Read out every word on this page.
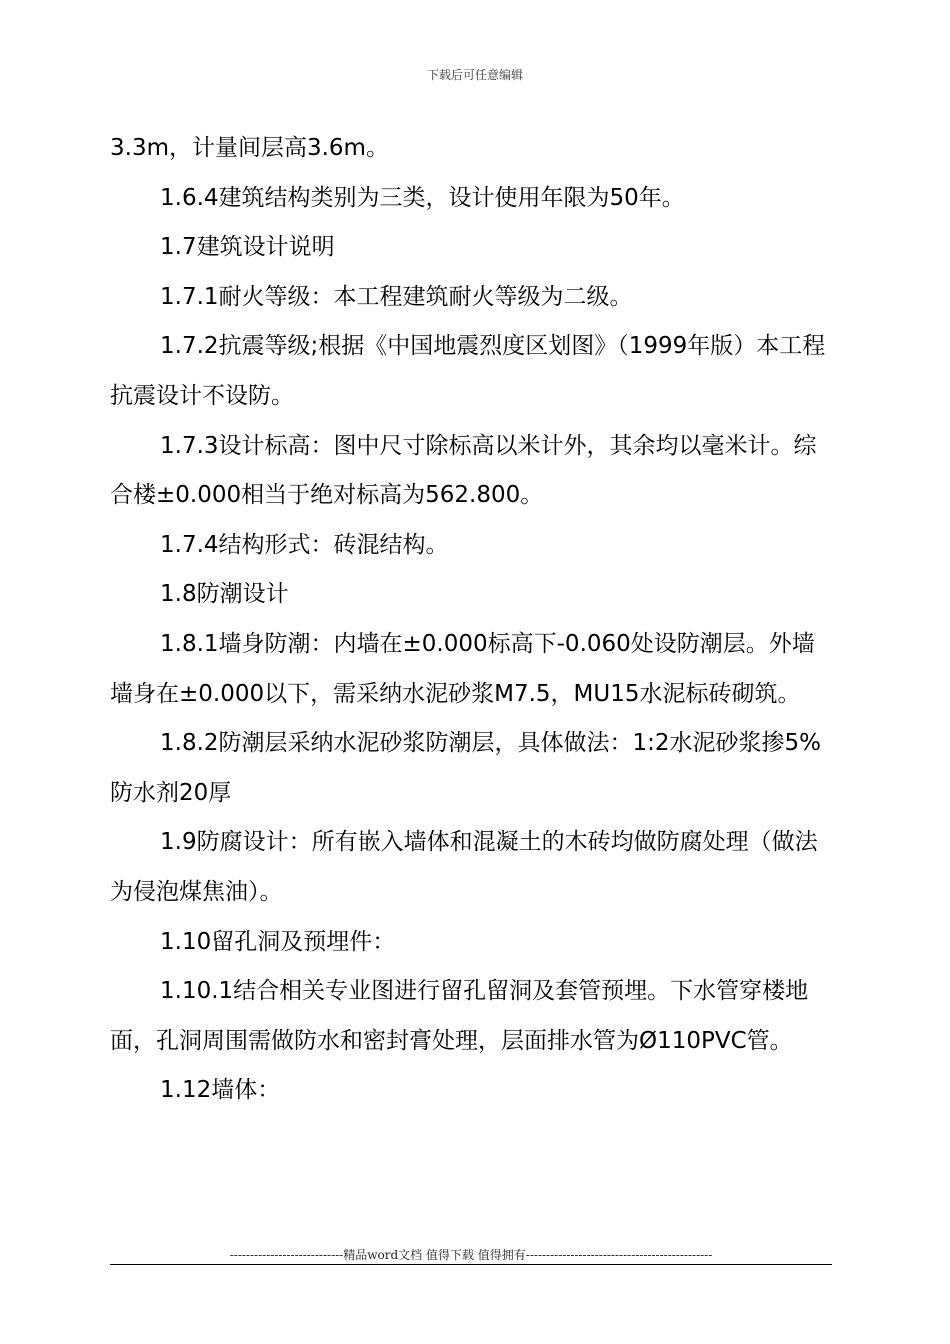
下载后可任意编辑

3.3m，计量间层高3.6m。

1.6.4建筑结构类别为三类，设计使用年限为50年。

1.7建筑设计说明

1.7.1耐火等级：本工程建筑耐火等级为二级。

1.7.2抗震等级;根据《中国地震烈度区划图》（1999年版）本工程抗震设计不设防。

1.7.3设计标高：图中尺寸除标高以米计外，其余均以毫米计。综合楼±0.000相当于绝对标高为562.800。

1.7.4结构形式：砖混结构。

1.8防潮设计

1.8.1墙身防潮：内墙在±0.000标高下-0.060处设防潮层。外墙墙身在±0.000以下，需采纳水泥砂浆M7.5，MU15水泥标砖砌筑。

1.8.2防潮层采纳水泥砂浆防潮层，具体做法：1:2水泥砂浆掺5%防水剂20厚

1.9防腐设计：所有嵌入墙体和混凝土的木砖均做防腐处理（做法为侵泡煤焦油）。

1.10留孔洞及预埋件：

1.10.1结合相关专业图进行留孔留洞及套管预埋。下水管穿楼地面，孔洞周围需做防水和密封膏处理，层面排水管为Ø110PVC管。

1.12墙体：

----------------------------精品word文档 值得下载 值得拥有----------------------------------------------
